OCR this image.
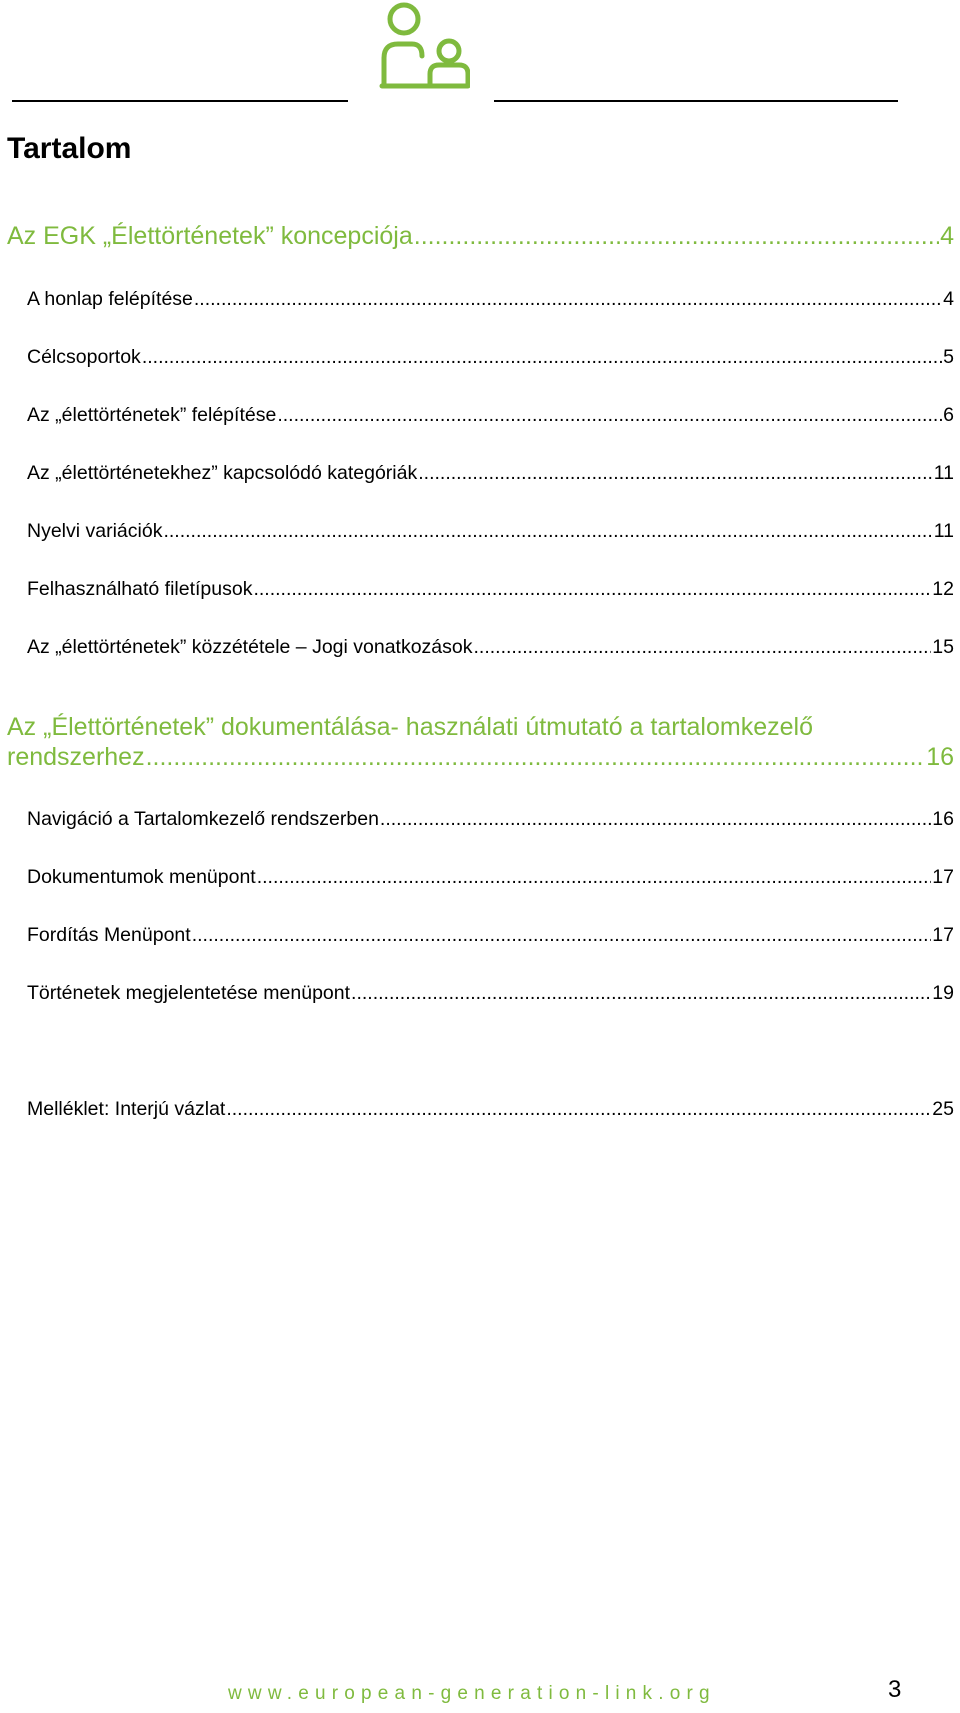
Tartalom
Az EGK „Élettörténetek” koncepciója .....	4
A honlap felépítése .....	4
Célcsoportok .....	5
Az „élettörténetek” felépítése .....	6
Az „élettörténetekhez” kapcsolódó kategóriák .....	11
Nyelvi variációk .....	11
Felhasználható filetípusok .....	12
Az „élettörténetek” közzététele – Jogi vonatkozások .....	15
Az „Élettörténetek” dokumentálása- használati útmutató a tartalomkezelő
rendszerhez .....	16
Navigáció a Tartalomkezelő rendszerben .....	16
Dokumentumok menüpont .....	17
Fordítás Menüpont .....	17
Történetek megjelentetése menüpont .....	19
Melléklet: Interjú vázlat .....	25
www.european-generation-link.org	3
